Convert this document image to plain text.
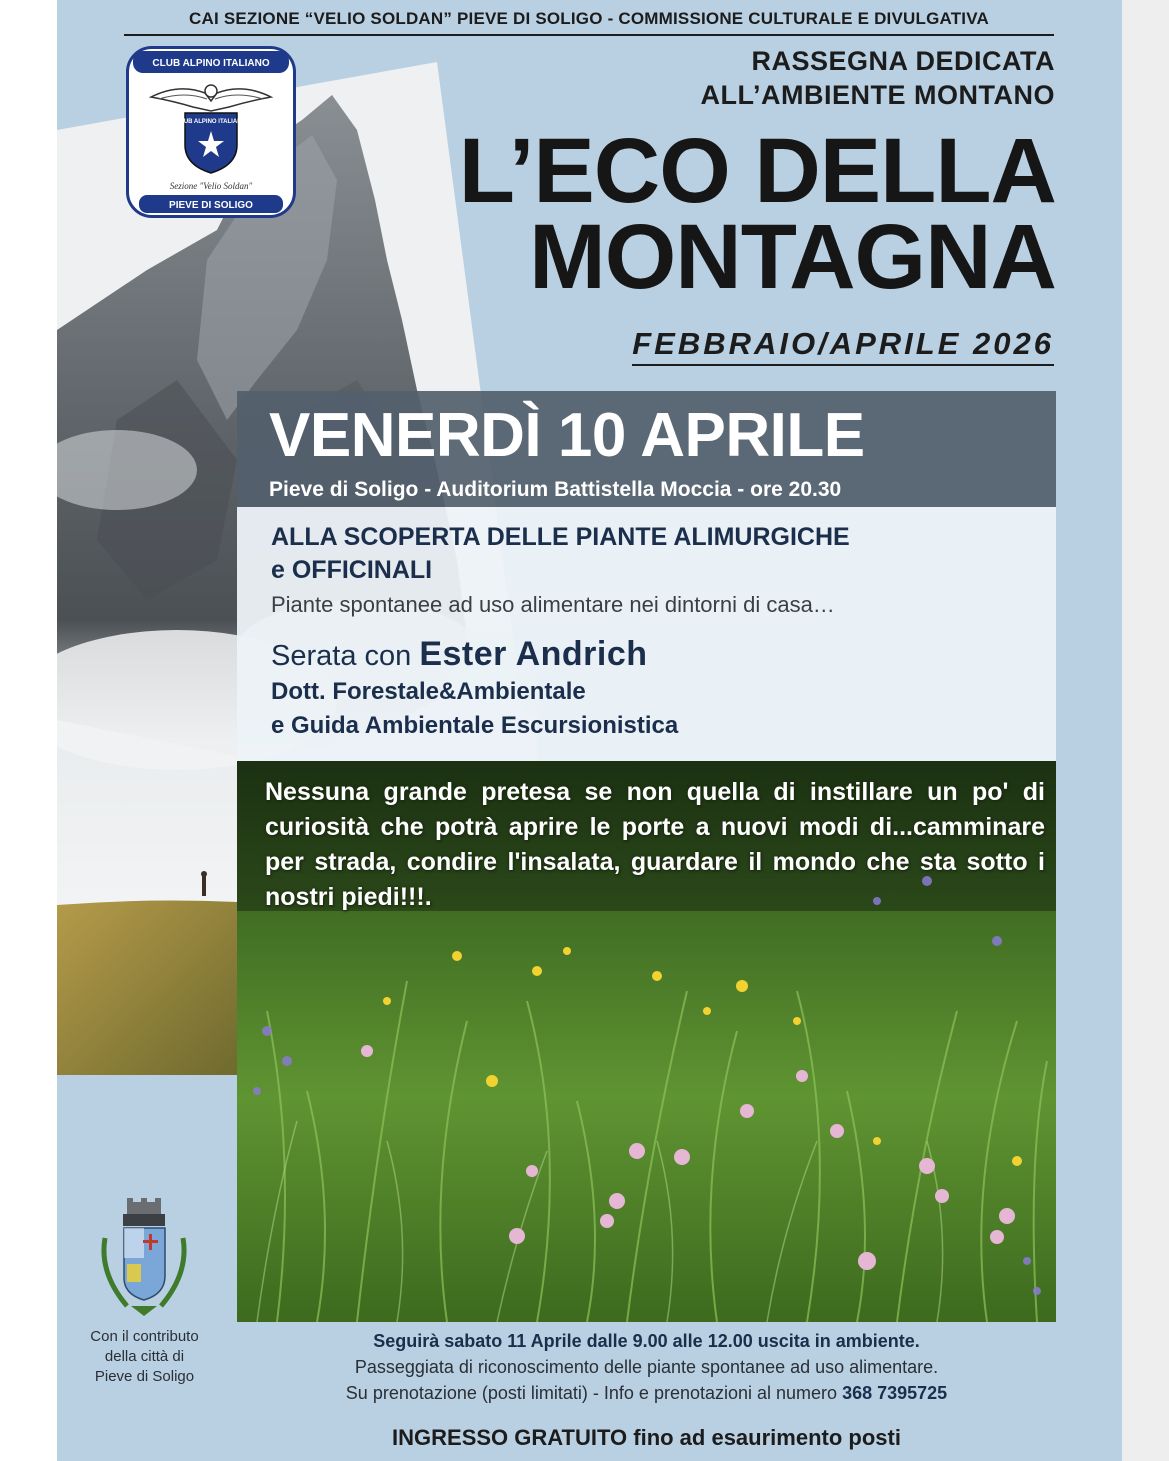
CAI SEZIONE “VELIO SOLDAN” PIEVE DI SOLIGO - COMMISSIONE CULTURALE E DIVULGATIVA
CLUB ALPINO ITALIANO
CLUB ALPINO ITALIANO
Sezione "Velio Soldan"
PIEVE DI SOLIGO
RASSEGNA DEDICATA
ALL’AMBIENTE MONTANO
L’ECO DELLA
MONTAGNA
FEBBRAIO/APRILE 2026
VENERDÌ 10 APRILE
Pieve di Soligo - Auditorium Battistella Moccia - ore 20.30
ALLA SCOPERTA DELLE PIANTE ALIMURGICHE
e OFFICINALI
Piante spontanee ad uso alimentare nei dintorni di casa…
Serata con Ester Andrich
Dott. Forestale&Ambientale
e Guida Ambientale Escursionistica
Nessuna grande pretesa se non quella di instillare un po' di curiosità che potrà aprire le porte a nuovi modi di...camminare per strada, condire l'insalata, guardare il mondo che sta sotto i nostri piedi!!!.
Con il contributo
della città di
Pieve di Soligo
Seguirà sabato 11 Aprile dalle 9.00 alle 12.00 uscita in ambiente.
Passeggiata di riconoscimento delle piante spontanee ad uso alimentare.
Su prenotazione (posti limitati) - Info e prenotazioni al numero 368 7395725
INGRESSO GRATUITO fino ad esaurimento posti
